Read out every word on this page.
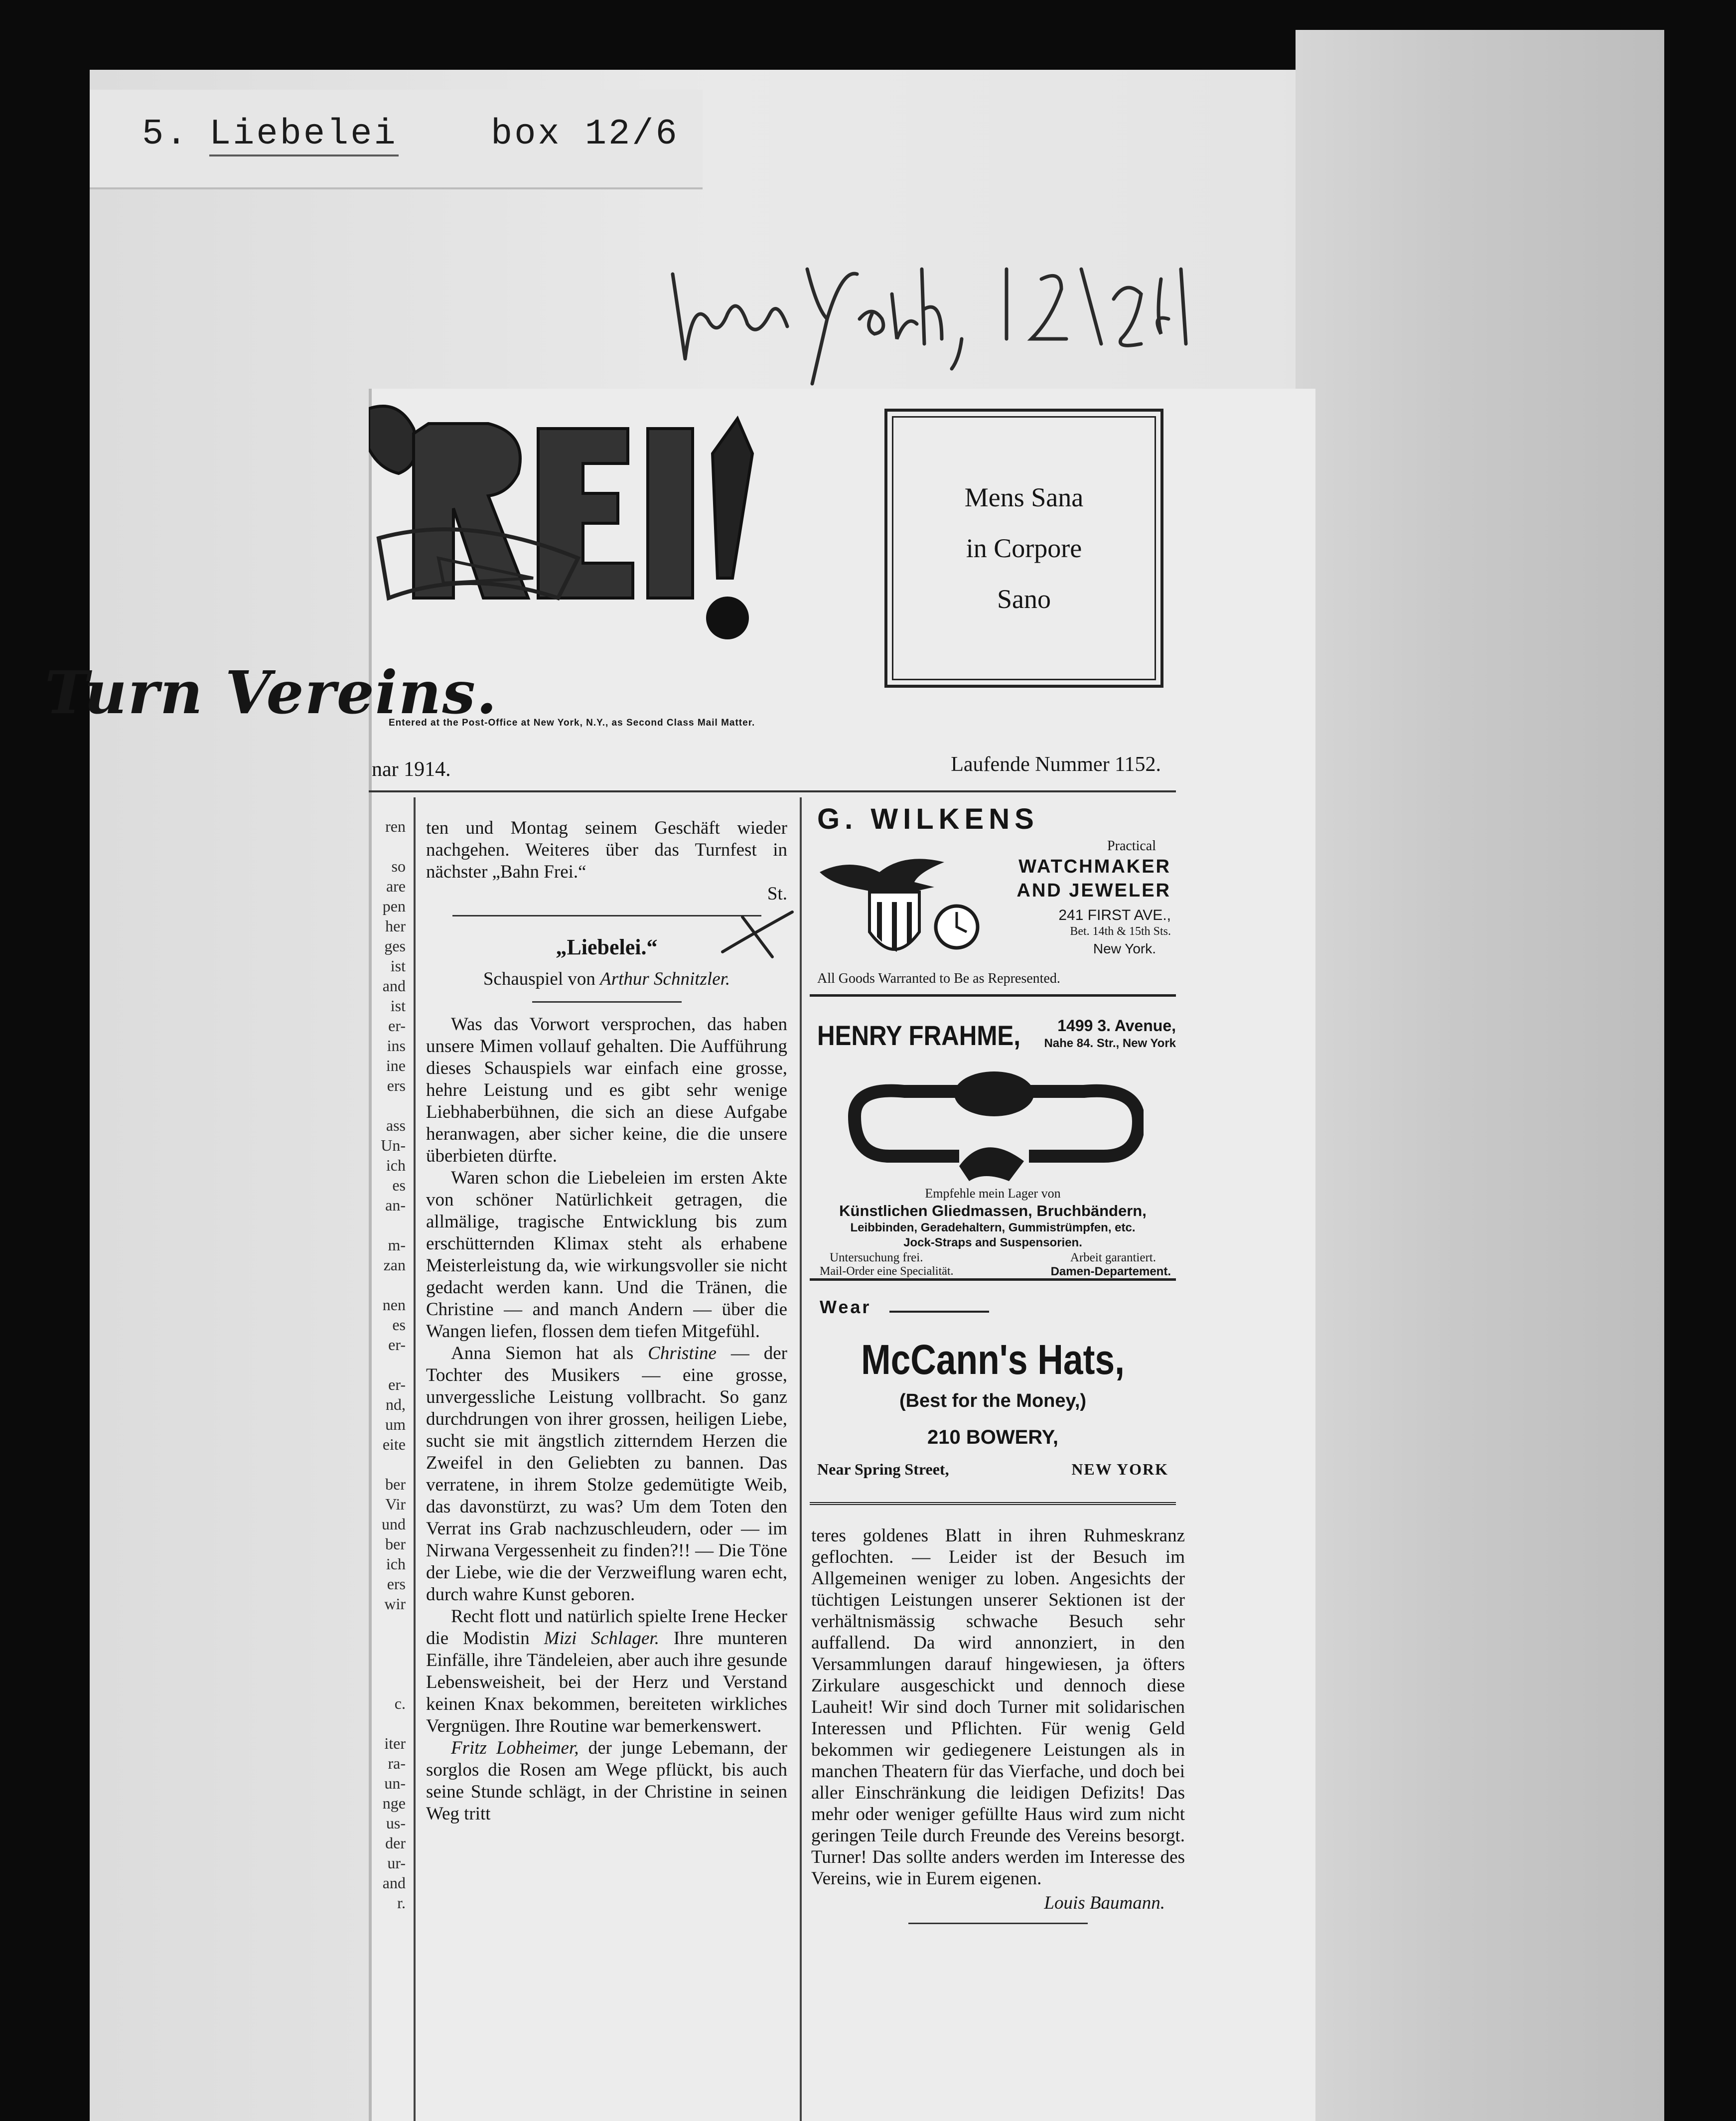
5. Liebelei	box 12/6
Turn Vereins.
Entered at the Post-Office at New York, N.Y., as Second Class Mail Matter.
Mens Sana
in Corpore
Sano
nar 1914.	Laufende Nummer 1152.
ren
so
are
pen
her
ges
ist
and
ist
er-
ins
ine
ers
ass
Un-
ich
es
an-
m-
zan
nen
es
er-
er-
nd,
um
eite
ber
Vir
und
ber
ich
ers
wir
c.
iter
ra-
un-
nge
us-
der
ur-
and
r.

ten und Montag seinem Geschäft wieder nachgehen. Weiteres über das Turnfest in nächster „Bahn Frei.“

St.
„Liebelei.“
Schauspiel von Arthur Schnitzler.

Was das Vorwort versprochen, das haben unsere Mimen vollauf gehalten. Die Aufführung dieses Schauspiels war einfach eine grosse, hehre Leistung und es gibt sehr wenige Liebhaberbühnen, die sich an diese Aufgabe heranwagen, aber sicher keine, die die unsere überbieten dürfte.

Waren schon die Liebeleien im ersten Akte von schöner Natürlichkeit getragen, die allmälige, tragische Entwicklung bis zum erschütternden Klimax steht als erhabene Meisterleistung da, wie wirkungsvoller sie nicht gedacht werden kann. Und die Tränen, die Christine — and manch Andern — über die Wangen liefen, flossen dem tiefen Mitgefühl.

Anna Siemon hat als Christine — der Tochter des Musikers — eine grosse, unvergessliche Leistung vollbracht. So ganz durchdrungen von ihrer grossen, heiligen Liebe, sucht sie mit ängstlich zitterndem Herzen die Zweifel in den Geliebten zu bannen. Das verratene, in ihrem Stolze gedemütigte Weib, das davonstürzt, zu was? Um dem Toten den Verrat ins Grab nachzuschleudern, oder — im Nirwana Vergessenheit zu finden?!! — Die Töne der Liebe, wie die der Verzweiflung waren echt, durch wahre Kunst geboren.

Recht flott und natürlich spielte Irene Hecker die Modistin Mizi Schlager. Ihre munteren Einfälle, ihre Tändeleien, aber auch ihre gesunde Lebensweisheit, bei der Herz und Verstand keinen Knax bekommen, bereiteten wirkliches Vergnügen. Ihre Routine war bemerkenswert.

Fritz Lobheimer, der junge Lebemann, der sorglos die Rosen am Wege pflückt, bis auch seine Stunde schlägt, in der Christine in seinen Weg tritt

G. WILKENS
Practical
WATCHMAKER
AND JEWELER
241 FIRST AVE.,
Bet. 14th & 15th Sts.
New York.
All Goods Warranted to Be as Represented.
HENRY FRAHME, 1499 3. Avenue,
Nahe 84. Str., New York
Empfehle mein Lager von
Künstlichen Gliedmassen, Bruchbändern,
Leibbinden, Geradehaltern, Gummistrümpfen, etc.
Jock-Straps and Suspensorien.
Untersuchung frei.	Arbeit garantiert.
Mail-Order eine Specialität.	Damen-Departement.
Wear
McCann's Hats,
(Best for the Money,)
210 BOWERY,
Near Spring Street,	NEW YORK

teres goldenes Blatt in ihren Ruhmeskranz geflochten. — Leider ist der Besuch im Allgemeinen weniger zu loben. Angesichts der tüchtigen Leistungen unserer Sektionen ist der verhältnismässig schwache Besuch sehr auffallend. Da wird annonziert, in den Versammlungen darauf hingewiesen, ja öfters Zirkulare ausgeschickt und dennoch diese Lauheit! Wir sind doch Turner mit solidarischen Interessen und Pflichten. Für wenig Geld bekommen wir gediegenere Leistungen als in manchen Theatern für das Vierfache, und doch bei aller Einschränkung die leidigen Defizits! Das mehr oder weniger gefüllte Haus wird zum nicht geringen Teile durch Freunde des Vereins besorgt. Turner! Das sollte anders werden im Interesse des Vereins, wie in Eurem eigenen.

Louis Baumann.
